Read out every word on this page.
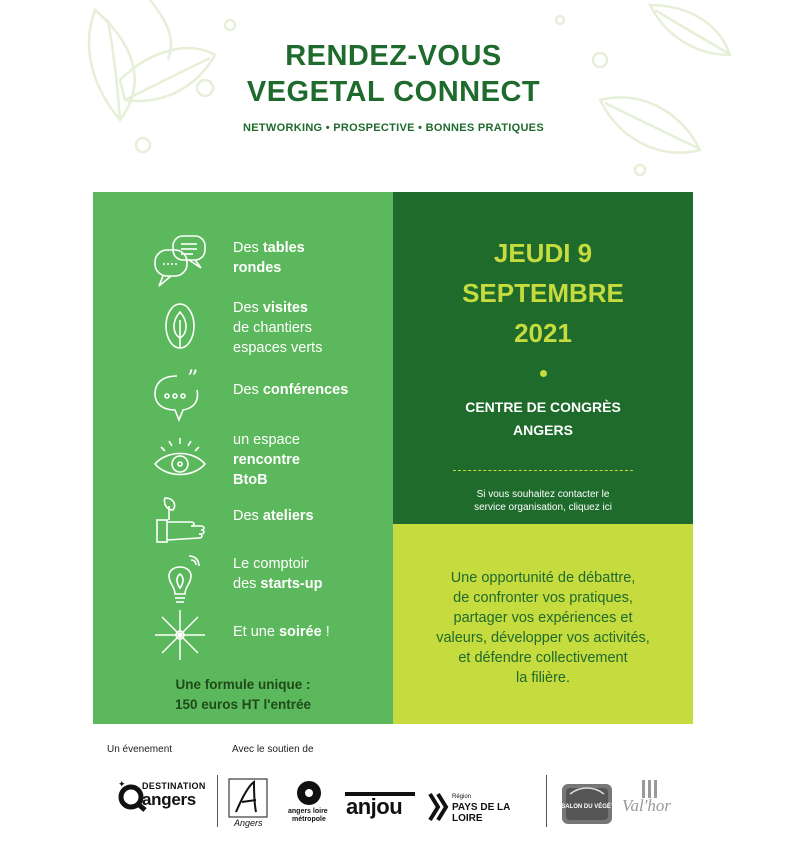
RENDEZ-VOUS
VEGETAL CONNECT
NETWORKING • PROSPECTIVE • BONNES PRATIQUES
Des tables
rondes
Des visites
de chantiers
espaces verts
” Des conférences
un espace
rencontre
BtoB
Des ateliers
Le comptoir
des starts-up
Et une soirée !
Une formule unique :
150 euros HT l'entrée
JEUDI 9
SEPTEMBRE
2021
CENTRE DE CONGRÈS
ANGERS
Si vous souhaitez contacter le
service organisation, cliquez ici
Une opportunité de débattre,
de confronter vos pratiques,
partager vos expériences et
valeurs, développer vos activités,
et défendre collectivement
la filière.
Un évenement	Avec le soutien de
✦ DESTINATION
angers
Angers
angers loire
métropole
anjou	Région
PAYS DE LA LOIRE
LE SALON DU VÉGÉTAL Val'hor
